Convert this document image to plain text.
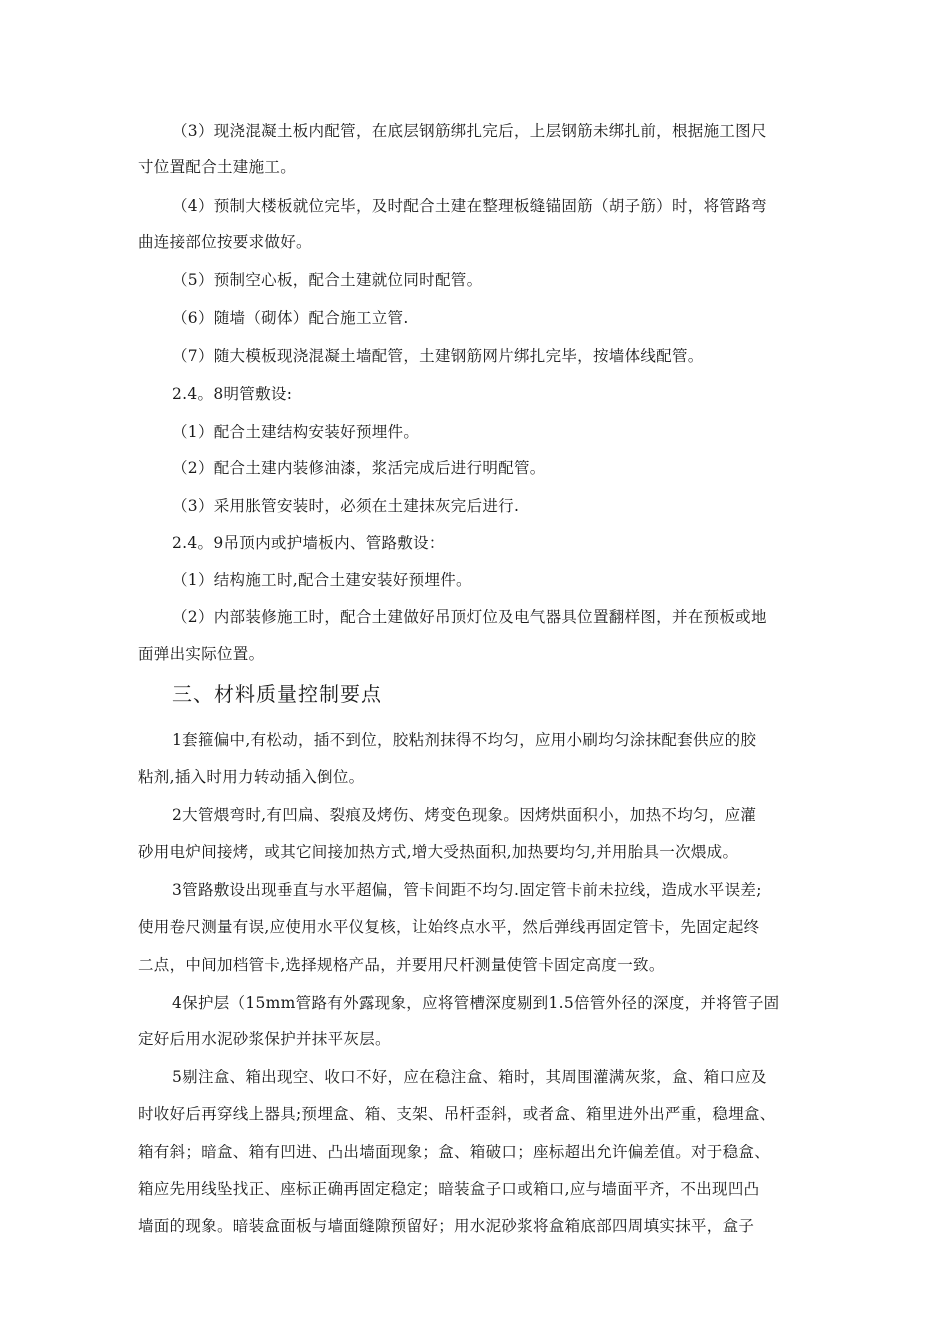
（3）现浇混凝土板内配管，在底层钢筋绑扎完后，上层钢筋未绑扎前，根据施工图尺
寸位置配合土建施工。
（4）预制大楼板就位完毕，及时配合土建在整理板缝锚固筋（胡子筋）时，将管路弯
曲连接部位按要求做好。
（5）预制空心板，配合土建就位同时配管。
（6）随墙（砌体）配合施工立管.
（7）随大模板现浇混凝土墙配管，土建钢筋网片绑扎完毕，按墙体线配管。
2.4。8明管敷设:
（1）配合土建结构安装好预埋件。
（2）配合土建内装修油漆，浆活完成后进行明配管。
（3）采用胀管安装时，必须在土建抹灰完后进行.
2.4。9吊顶内或护墙板内、管路敷设：
（1）结构施工时,配合土建安装好预埋件。
（2）内部装修施工时，配合土建做好吊顶灯位及电气器具位置翻样图，并在预板或地
面弹出实际位置。
三、材料质量控制要点
1套箍偏中,有松动，插不到位，胶粘剂抹得不均匀，应用小刷均匀涂抹配套供应的胶
粘剂,插入时用力转动插入倒位。
2大管煨弯时,有凹扁、裂痕及烤伤、烤变色现象。因烤烘面积小，加热不均匀，应灌
砂用电炉间接烤，或其它间接加热方式,增大受热面积,加热要均匀,并用胎具一次煨成。
3管路敷设出现垂直与水平超偏，管卡间距不均匀.固定管卡前未拉线，造成水平误差;
使用卷尺测量有误,应使用水平仪复核，让始终点水平，然后弹线再固定管卡，先固定起终
二点，中间加档管卡,选择规格产品，并要用尺杆测量使管卡固定高度一致。
4保护层（15mm管路有外露现象，应将管槽深度剔到1.5倍管外径的深度，并将管子固
定好后用水泥砂浆保护并抹平灰层。
5剔注盒、箱出现空、收口不好，应在稳注盒、箱时，其周围灌满灰浆，盒、箱口应及
时收好后再穿线上器具;预埋盒、箱、支架、吊杆歪斜，或者盒、箱里进外出严重，稳埋盒、
箱有斜；暗盒、箱有凹进、凸出墙面现象；盒、箱破口；座标超出允许偏差值。对于稳盒、
箱应先用线坠找正、座标正确再固定稳定；暗装盒子口或箱口,应与墙面平齐，不出现凹凸
墙面的现象。暗装盒面板与墙面缝隙预留好；用水泥砂浆将盒箱底部四周填实抹平，盒子
